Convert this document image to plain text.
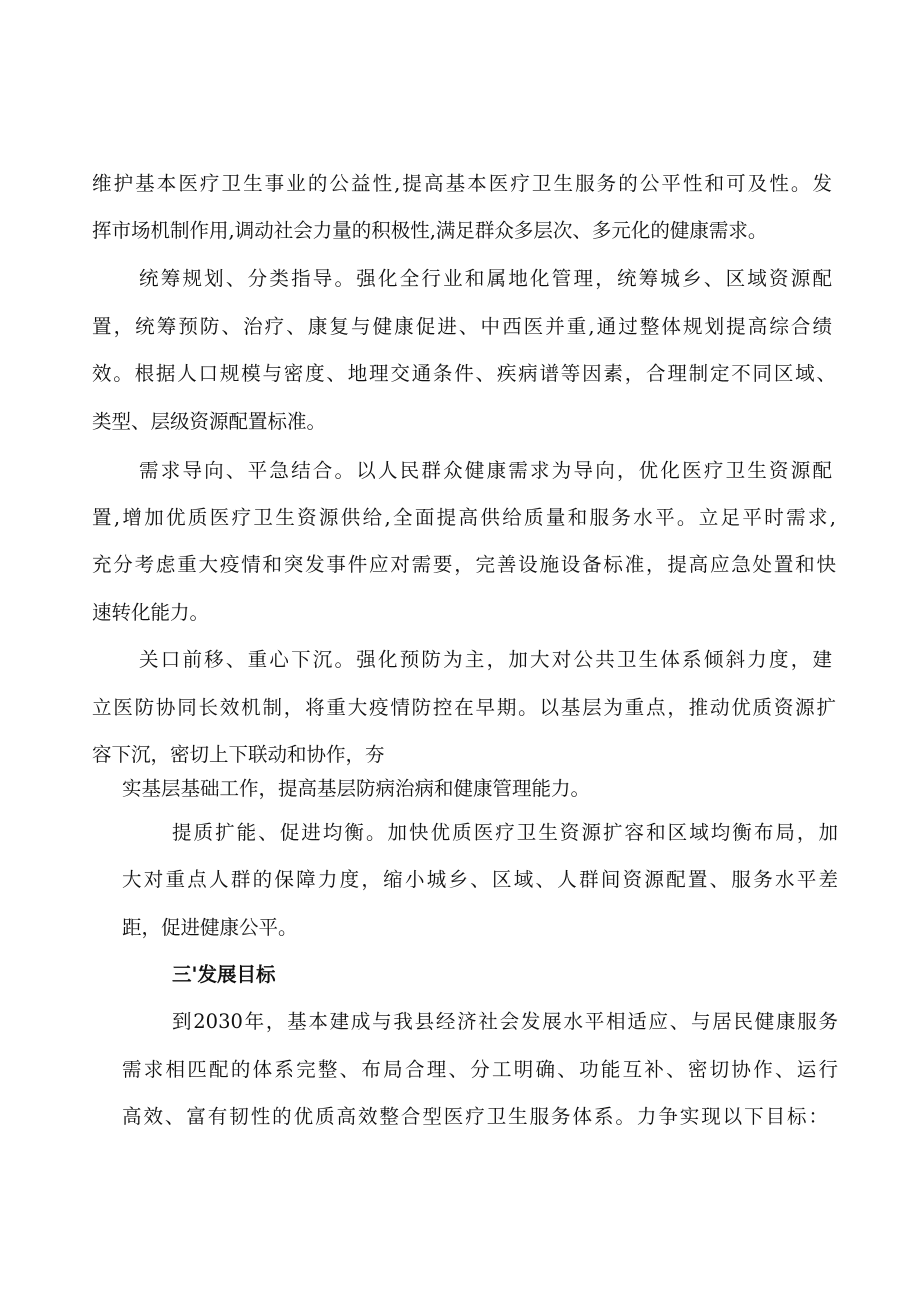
维护基本医疗卫生事业的公益性,提高基本医疗卫生服务的公平性和可及性。发
挥市场机制作用,调动社会力量的积极性,满足群众多层次、多元化的健康需求。
统筹规划、分类指导。强化全行业和属地化管理，统筹城乡、区域资源配
置，统筹预防、治疗、康复与健康促进、中西医并重,通过整体规划提高综合绩
效。根据人口规模与密度、地理交通条件、疾病谱等因素，合理制定不同区域、
类型、层级资源配置标准。
需求导向、平急结合。以人民群众健康需求为导向，优化医疗卫生资源配
置,增加优质医疗卫生资源供给,全面提高供给质量和服务水平。立足平时需求,
充分考虑重大疫情和突发事件应对需要，完善设施设备标准，提高应急处置和快
速转化能力。
关口前移、重心下沉。强化预防为主，加大对公共卫生体系倾斜力度，建
立医防协同长效机制，将重大疫情防控在早期。以基层为重点，推动优质资源扩
容下沉，密切上下联动和协作，夯
实基层基础工作，提高基层防病治病和健康管理能力。
提质扩能、促进均衡。加快优质医疗卫生资源扩容和区域均衡布局，加
大对重点人群的保障力度，缩小城乡、区域、人群间资源配置、服务水平差
距，促进健康公平。
三'发展目标
到2030年，基本建成与我县经济社会发展水平相适应、与居民健康服务
需求相匹配的体系完整、布局合理、分工明确、功能互补、密切协作、运行
高效、富有韧性的优质高效整合型医疗卫生服务体系。力争实现以下目标：
